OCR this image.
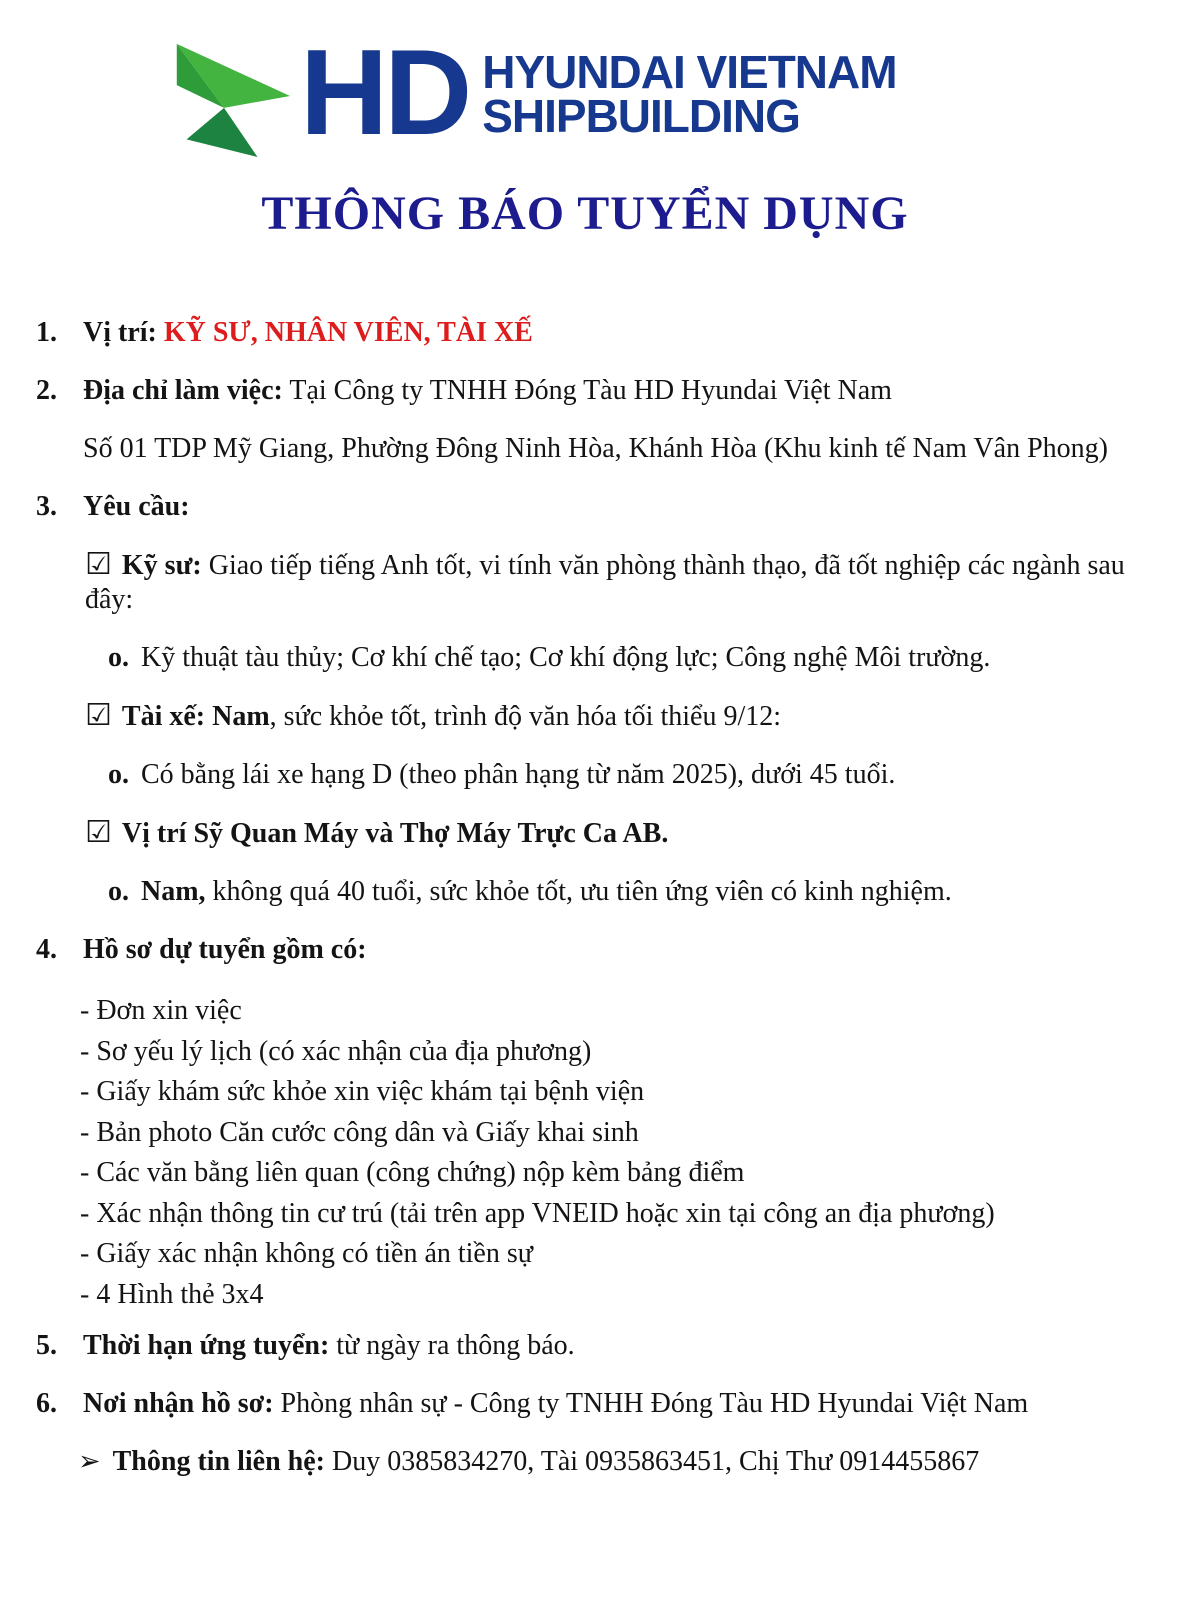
HD HYUNDAI VIETNAM
SHIPBUILDING
THÔNG BÁO TUYỂN DỤNG
1. Vị trí: KỸ SƯ, NHÂN VIÊN, TÀI XẾ
2. Địa chỉ làm việc: Tại Công ty TNHH Đóng Tàu HD Hyundai Việt Nam
Số 01 TDP Mỹ Giang, Phường Đông Ninh Hòa, Khánh Hòa (Khu kinh tế Nam Vân Phong)
3. Yêu cầu:
☑ Kỹ sư: Giao tiếp tiếng Anh tốt, vi tính văn phòng thành thạo, đã tốt nghiệp các ngành sau đây:
o. Kỹ thuật tàu thủy; Cơ khí chế tạo; Cơ khí động lực; Công nghệ Môi trường.
☑ Tài xế: Nam, sức khỏe tốt, trình độ văn hóa tối thiểu 9/12:
o. Có bằng lái xe hạng D (theo phân hạng từ năm 2025), dưới 45 tuổi.
☑ Vị trí Sỹ Quan Máy và Thợ Máy Trực Ca AB.
o. Nam, không quá 40 tuổi, sức khỏe tốt, ưu tiên ứng viên có kinh nghiệm.
4. Hồ sơ dự tuyển gồm có:
- Đơn xin việc
- Sơ yếu lý lịch (có xác nhận của địa phương)
- Giấy khám sức khỏe xin việc khám tại bệnh viện
- Bản photo Căn cước công dân và Giấy khai sinh
- Các văn bằng liên quan (công chứng) nộp kèm bảng điểm
- Xác nhận thông tin cư trú (tải trên app VNEID hoặc xin tại công an địa phương)
- Giấy xác nhận không có tiền án tiền sự
- 4 Hình thẻ 3x4
5. Thời hạn ứng tuyển: từ ngày ra thông báo.
6. Nơi nhận hồ sơ: Phòng nhân sự - Công ty TNHH Đóng Tàu HD Hyundai Việt Nam
➢ Thông tin liên hệ: Duy 0385834270, Tài 0935863451, Chị Thư 0914455867
